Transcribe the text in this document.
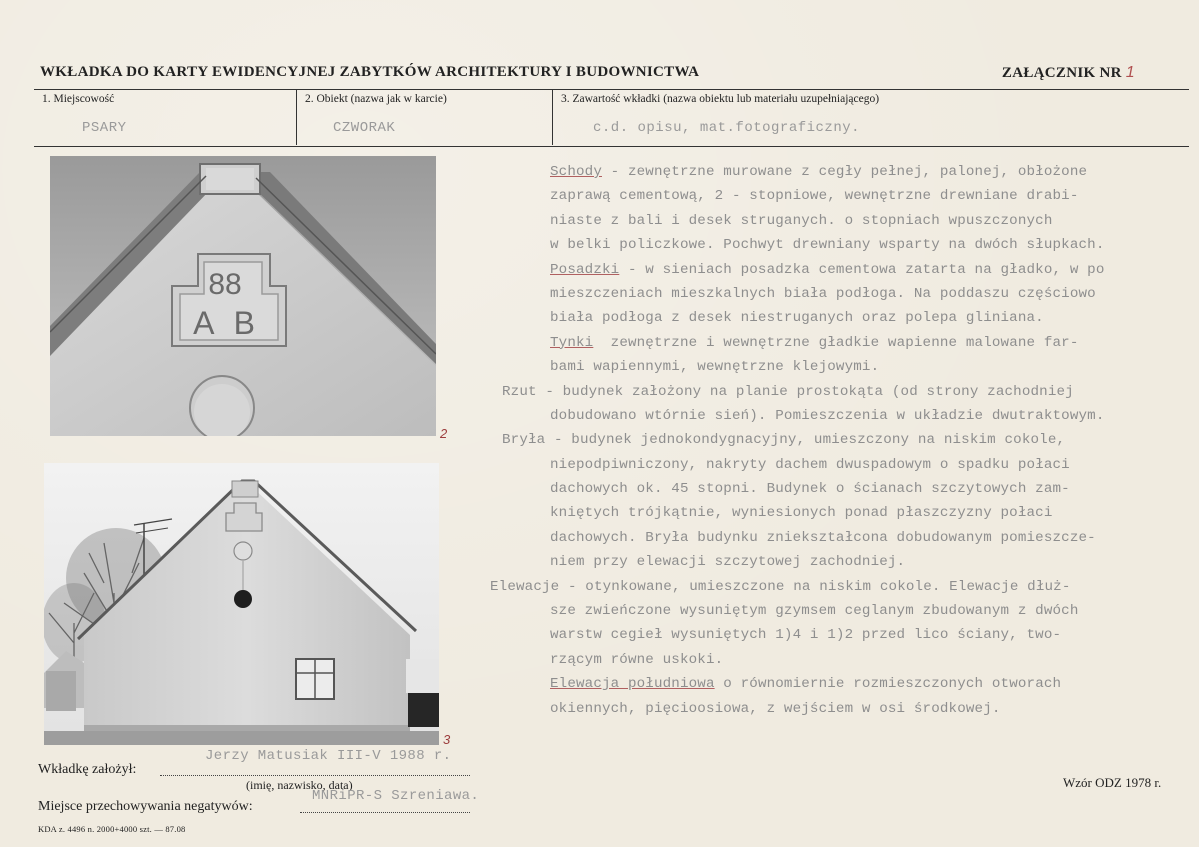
WKŁADKA DO KARTY EWIDENCYJNEJ ZABYTKÓW ARCHITEKTURY I BUDOWNICTWA	ZAŁĄCZNIK NR 1
1. Miejscowość
PSARY
2. Obiekt (nazwa jak w karcie)
CZWORAK
3. Zawartość wkładki (nazwa obiektu lub materiału uzupełniającego)
c.d. opisu, mat.fotograficzny.
88
A B
2
3
Schody - zewnętrzne murowane z cegły pełnej, palonej, obłożone
zaprawą cementową, 2 - stopniowe, wewnętrzne drewniane drabi-
niaste z bali i desek struganych. o stopniach wpuszczonych
w belki policzkowe. Pochwyt drewniany wsparty na dwóch słupkach.
Posadzki - w sieniach posadzka cementowa zatarta na gładko, w po
mieszczeniach mieszkalnych biała podłoga. Na poddaszu częściowo
biała podłoga z desek niestruganych oraz polepa gliniana.
Tynki  zewnętrzne i wewnętrzne gładkie wapienne malowane far-
bami wapiennymi, wewnętrzne klejowymi.
Rzut - budynek założony na planie prostokąta (od strony zachodniej
dobudowano wtórnie sień). Pomieszczenia w układzie dwutraktowym.
Bryła - budynek jednokondygnacyjny, umieszczony na niskim cokole,
niepodpiwniczony, nakryty dachem dwuspadowym o spadku połaci
dachowych ok. 45 stopni. Budynek o ścianach szczytowych zam-
kniętych trójkątnie, wyniesionych ponad płaszczyzny połaci
dachowych. Bryła budynku zniekształcona dobudowanym pomieszcze-
niem przy elewacji szczytowej zachodniej.
Elewacje - otynkowane, umieszczone na niskim cokole. Elewacje dłuż-
sze zwieńczone wysuniętym gzymsem ceglanym zbudowanym z dwóch
warstw cegieł wysuniętych 1)4 i 1)2 przed lico ściany, two-
rzącym równe uskoki.
Elewacja południowa o równomiernie rozmieszczonych otworach
okiennych, pięcioosiowa, z wejściem w osi środkowej.
Wkładkę założył:
Jerzy Matusiak III-V 1988 r.
(imię, nazwisko, data)
Miejsce przechowywania negatywów:
MNRiPR-S Szreniawa.
Wzór ODZ 1978 r.
KDA z. 4496 n. 2000+4000 szt. — 87.08
